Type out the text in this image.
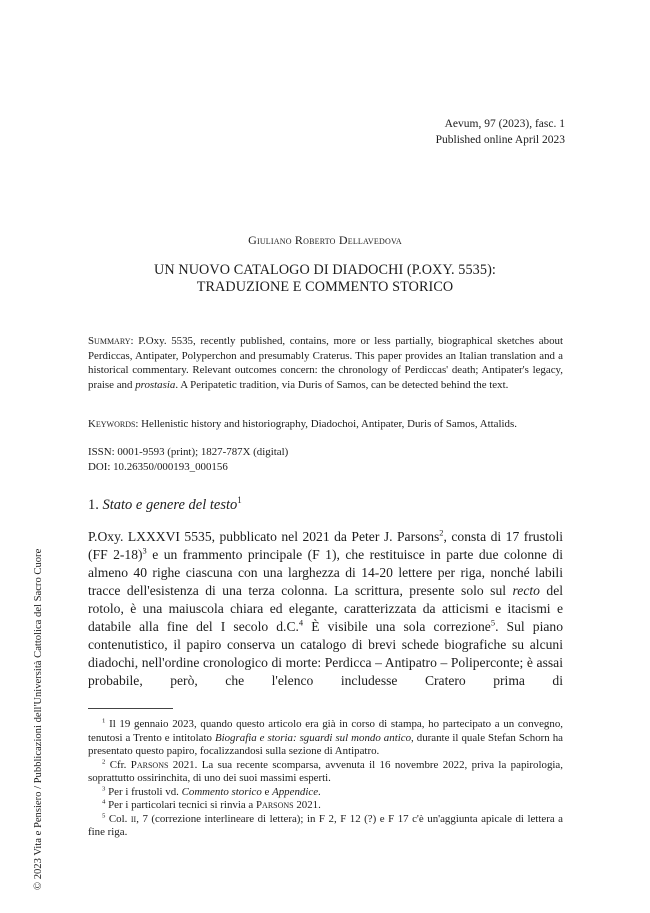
Aevum, 97 (2023), fasc. 1
Published online April 2023
Giuliano Roberto Dellavedova
UN NUOVO CATALOGO DI DIADOCHI (P.OXY. 5535):
TRADUZIONE E COMMENTO STORICO
Summary: P.Oxy. 5535, recently published, contains, more or less partially, biographical sketches about Perdiccas, Antipater, Polyperchon and presumably Craterus. This paper provides an Italian translation and a historical commentary. Relevant outcomes concern: the chronology of Perdiccas' death; Antipater's legacy, praise and prostasia. A Peripatetic tradition, via Duris of Samos, can be detected behind the text.
Keywords: Hellenistic history and historiography, Diadochoi, Antipater, Duris of Samos, Attalids.
ISSN: 0001-9593 (print); 1827-787X (digital)
DOI: 10.26350/000193_000156
1. Stato e genere del testo$^1$
P.Oxy. LXXXVI 5535, pubblicato nel 2021 da Peter J. Parsons$^2$, consta di 17 frustoli (FF 2-18)$^3$ e un frammento principale (F 1), che restituisce in parte due colonne di almeno 40 righe ciascuna con una larghezza di 14-20 lettere per riga, nonché labili tracce dell'esistenza di una terza colonna. La scrittura, presente solo sul recto del rotolo, è una maiuscola chiara ed elegante, caratterizzata da atticismi e itacismi e databile alla fine del I secolo d.C.$^4$ È visibile una sola correzione$^5$. Sul piano contenutistico, il papiro conserva un catalogo di brevi schede biografiche su alcuni diadochi, nell'ordine cronologico di morte: Perdicca – Antipatro – Poliperconte; è assai probabile, però, che l'elenco includesse Cratero prima di
$^1$ Il 19 gennaio 2023, quando questo articolo era già in corso di stampa, ho partecipato a un convegno, tenutosi a Trento e intitolato Biografia e storia: sguardi sul mondo antico, durante il quale Stefan Schorn ha presentato questo papiro, focalizzandosi sulla sezione di Antipatro.
$^2$ Cfr. Parsons 2021. La sua recente scomparsa, avvenuta il 16 novembre 2022, priva la papirologia, soprattutto ossirinchita, di uno dei suoi massimi esperti.
$^3$ Per i frustoli vd. Commento storico e Appendice.
$^4$ Per i particolari tecnici si rinvia a Parsons 2021.
$^5$ Col. ii, 7 (correzione interlineare di lettera); in F 2, F 12 (?) e F 17 c'è un'aggiunta apicale di lettera a fine riga.
© 2023 Vita e Pensiero / Pubblicazioni dell'Università Cattolica del Sacro Cuore
